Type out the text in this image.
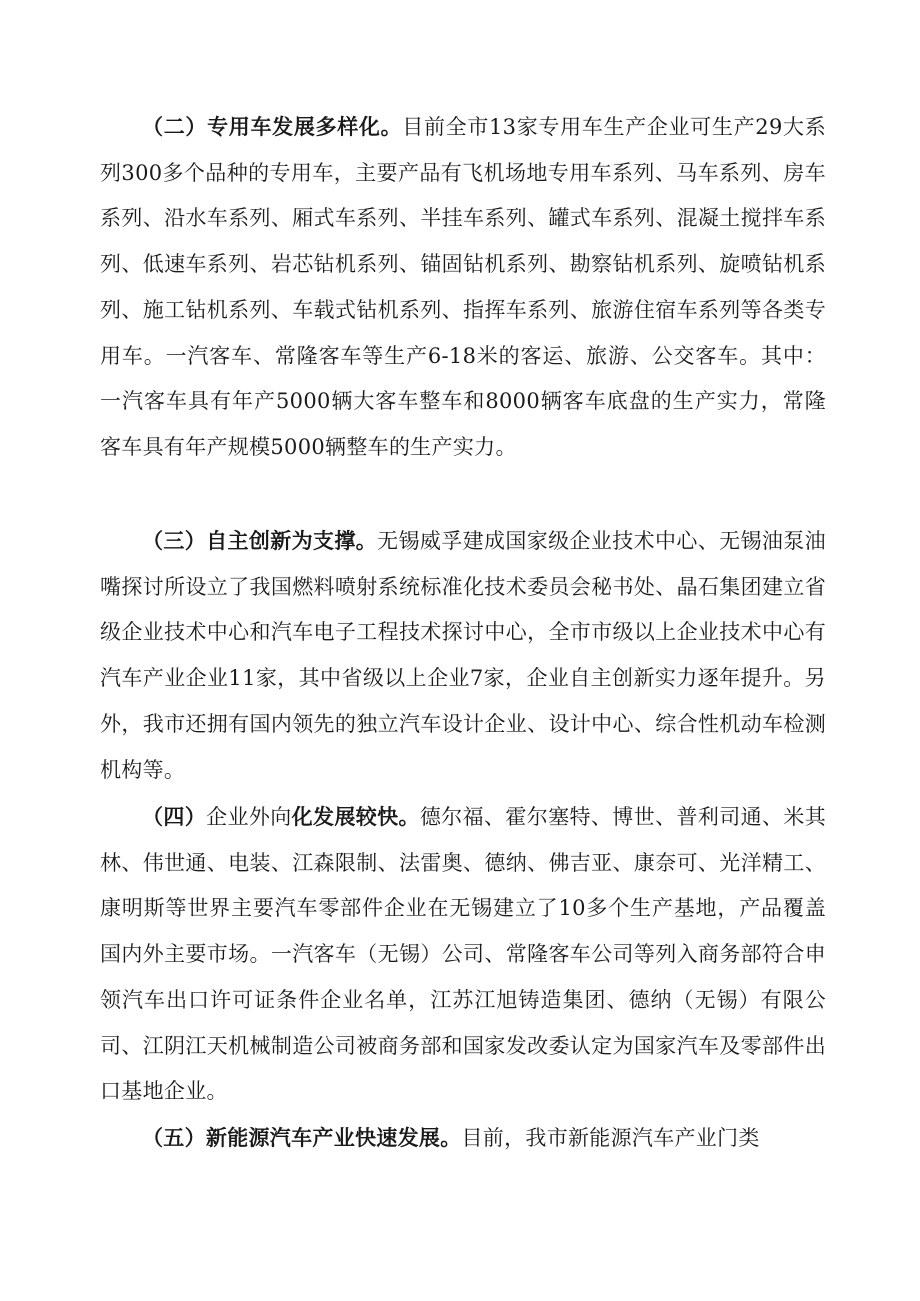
（二）专用车发展多样化。目前全市13家专用车生产企业可生产29大系列300多个品种的专用车，主要产品有飞机场地专用车系列、马车系列、房车系列、沿水车系列、厢式车系列、半挂车系列、罐式车系列、混凝土搅拌车系列、低速车系列、岩芯钻机系列、锚固钻机系列、勘察钻机系列、旋喷钻机系列、施工钻机系列、车载式钻机系列、指挥车系列、旅游住宿车系列等各类专用车。一汽客车、常隆客车等生产6-18米的客运、旅游、公交客车。其中：一汽客车具有年产5000辆大客车整车和8000辆客车底盘的生产实力，常隆客车具有年产规模5000辆整车的生产实力。

（三）自主创新为支撑。无锡威孚建成国家级企业技术中心、无锡油泵油嘴探讨所设立了我国燃料喷射系统标准化技术委员会秘书处、晶石集团建立省级企业技术中心和汽车电子工程技术探讨中心，全市市级以上企业技术中心有汽车产业企业11家，其中省级以上企业7家，企业自主创新实力逐年提升。另外，我市还拥有国内领先的独立汽车设计企业、设计中心、综合性机动车检测机构等。

（四）企业外向化发展较快。德尔福、霍尔塞特、博世、普利司通、米其林、伟世通、电装、江森限制、法雷奥、德纳、佛吉亚、康奈可、光洋精工、康明斯等世界主要汽车零部件企业在无锡建立了10多个生产基地，产品覆盖国内外主要市场。一汽客车（无锡）公司、常隆客车公司等列入商务部符合申领汽车出口许可证条件企业名单，江苏江旭铸造集团、德纳（无锡）有限公司、江阴江天机械制造公司被商务部和国家发改委认定为国家汽车及零部件出口基地企业。

（五）新能源汽车产业快速发展。目前，我市新能源汽车产业门类
